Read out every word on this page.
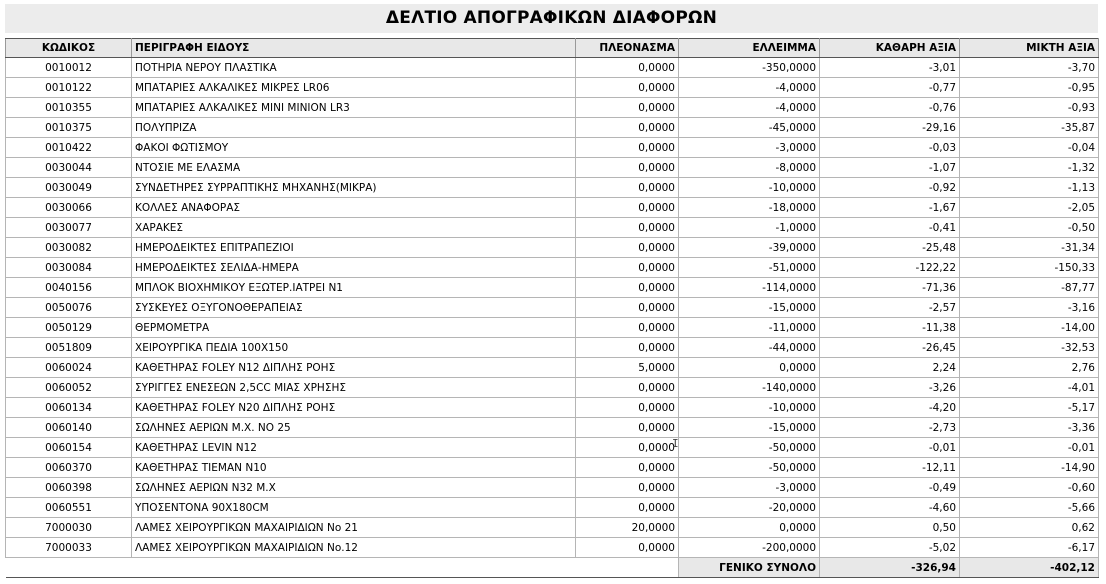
ΔΕΛΤΙΟ ΑΠΟΓΡΑΦΙΚΩΝ ΔΙΑΦΟΡΩΝ
ΚΩΔΙΚΟΣ	ΠΕΡΙΓΡΑΦΗ ΕΙΔΟΥΣ	ΠΛΕΟΝΑΣΜΑ	ΕΛΛΕΙΜΜΑ	ΚΑΘΑΡΗ ΑΞΙΑ	ΜΙΚΤΗ ΑΞΙΑ
0010012	ΠΟΤΗΡΙΑ ΝΕΡΟΥ ΠΛΑΣΤΙΚΑ	0,0000	-350,0000	-3,01	-3,70
0010122	ΜΠΑΤΑΡΙΕΣ ΑΛΚΑΛΙΚΕΣ ΜΙΚΡΕΣ LR06	0,0000	-4,0000	-0,77	-0,95
0010355	ΜΠΑΤΑΡΙΕΣ ΑΛΚΑΛΙΚΕΣ ΜΙΝΙ MINION LR3	0,0000	-4,0000	-0,76	-0,93
0010375	ΠΟΛΥΠΡΙΖΑ	0,0000	-45,0000	-29,16	-35,87
0010422	ΦΑΚΟΙ ΦΩΤΙΣΜΟΥ	0,0000	-3,0000	-0,03	-0,04
0030044	ΝΤΟΣΙΕ ΜΕ ΕΛΑΣΜΑ	0,0000	-8,0000	-1,07	-1,32
0030049	ΣΥΝΔΕΤΗΡΕΣ ΣΥΡΡΑΠΤΙΚΗΣ ΜΗΧΑΝΗΣ(ΜΙΚΡΑ)	0,0000	-10,0000	-0,92	-1,13
0030066	ΚΟΛΛΕΣ ΑΝΑΦΟΡΑΣ	0,0000	-18,0000	-1,67	-2,05
0030077	ΧΑΡΑΚΕΣ	0,0000	-1,0000	-0,41	-0,50
0030082	ΗΜΕΡΟΔΕΙΚΤΕΣ ΕΠΙΤΡΑΠΕΖΙΟΙ	0,0000	-39,0000	-25,48	-31,34
0030084	ΗΜΕΡΟΔΕΙΚΤΕΣ ΣΕΛΙΔΑ-ΗΜΕΡΑ	0,0000	-51,0000	-122,22	-150,33
0040156	ΜΠΛΟΚ ΒΙΟΧΗΜΙΚΟΥ ΕΞΩΤΕΡ.ΙΑΤΡΕΙ Ν1	0,0000	-114,0000	-71,36	-87,77
0050076	ΣΥΣΚΕΥΕΣ ΟΞΥΓΟΝΟΘΕΡΑΠΕΙΑΣ	0,0000	-15,0000	-2,57	-3,16
0050129	ΘΕΡΜΟΜΕΤΡΑ	0,0000	-11,0000	-11,38	-14,00
0051809	ΧΕΙΡΟΥΡΓΙΚΑ ΠΕΔΙΑ 100Χ150	0,0000	-44,0000	-26,45	-32,53
0060024	ΚΑΘΕΤΗΡΑΣ FOLEY N12 ΔΙΠΛΗΣ ΡΟΗΣ	5,0000	0,0000	2,24	2,76
0060052	ΣΥΡΙΓΓΕΣ ΕΝΕΣΕΩΝ 2,5CC ΜΙΑΣ ΧΡΗΣΗΣ	0,0000	-140,0000	-3,26	-4,01
0060134	ΚΑΘΕΤΗΡΑΣ FOLEY N20 ΔΙΠΛΗΣ ΡΟΗΣ	0,0000	-10,0000	-4,20	-5,17
0060140	ΣΩΛΗΝΕΣ ΑΕΡΙΩΝ Μ.Χ. ΝΟ 25	0,0000	-15,0000	-2,73	-3,36
0060154	ΚΑΘΕΤΗΡΑΣ LEVIN N12	0,0000	-50,0000	-0,01	-0,01
0060370	ΚΑΘΕΤΗΡΑΣ TIEMAN N10	0,0000	-50,0000	-12,11	-14,90
0060398	ΣΩΛΗΝΕΣ ΑΕΡΙΩΝ Ν32 Μ.Χ	0,0000	-3,0000	-0,49	-0,60
0060551	ΥΠΟΣΕΝΤΟΝΑ 90Χ180CM	0,0000	-20,0000	-4,60	-5,66
7000030	ΛΑΜΕΣ ΧΕΙΡΟΥΡΓΙΚΩΝ ΜΑΧΑΙΡΙΔΙΩΝ Νο 21	20,0000	0,0000	0,50	0,62
7000033	ΛΑΜΕΣ ΧΕΙΡΟΥΡΓΙΚΩΝ ΜΑΧΑΙΡΙΔΙΩΝ Νο.12	0,0000	-200,0000	-5,02	-6,17
			ΓΕΝΙΚΟ ΣΥΝΟΛΟ	-326,94	-402,12
I
